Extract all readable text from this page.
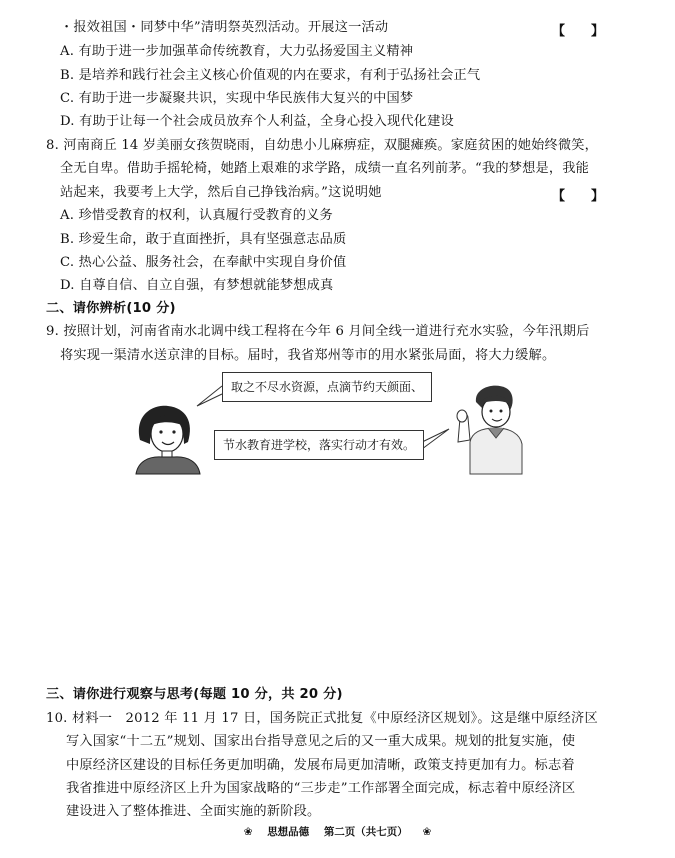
・报效祖国・同梦中华”清明祭英烈活动。开展这一活动	【　　】
A. 有助于进一步加强革命传统教育，大力弘扬爱国主义精神
B. 是培养和践行社会主义核心价值观的内在要求，有利于弘扬社会正气
C. 有助于进一步凝聚共识，实现中华民族伟大复兴的中国梦
D. 有助于让每一个社会成员放弃个人利益，全身心投入现代化建设
8. 河南商丘 14 岁美丽女孩贺晓雨，自幼患小儿麻痹症，双腿瘫痪。家庭贫困的她始终微笑，
全无自卑。借助手摇轮椅，她踏上艰难的求学路，成绩一直名列前茅。“我的梦想是，我能
站起来，我要考上大学，然后自己挣钱治病。”这说明她	【　　】
A. 珍惜受教育的权利，认真履行受教育的义务
B. 珍爱生命，敢于直面挫折，具有坚强意志品质
C. 热心公益、服务社会，在奉献中实现自身价值
D. 自尊自信、自立自强，有梦想就能梦想成真
二、请你辨析(10 分)
9. 按照计划，河南省南水北调中线工程将在今年 6 月间全线一道进行充水实验，今年汛期后
将实现一渠清水送京津的目标。届时，我省郑州等市的用水紧张局面，将大力缓解。
取之不尽水资源，点滴节约天颜面、
节水教育进学校，落实行动才有效。
三、请你进行观察与思考(每题 10 分，共 20 分)
10. 材料一　2012 年 11 月 17 日，国务院正式批复《中原经济区规划》。这是继中原经济区
写入国家“十二五”规划、国家出台指导意见之后的又一重大成果。规划的批复实施，使
中原经济区建设的目标任务更加明确，发展布局更加清晰，政策支持更加有力。标志着
我省推进中原经济区上升为国家战略的“三步走”工作部署全面完成，标志着中原经济区
建设进入了整体推进、全面实施的新阶段。
❀ 思想品德 第二页（共七页） ❀
